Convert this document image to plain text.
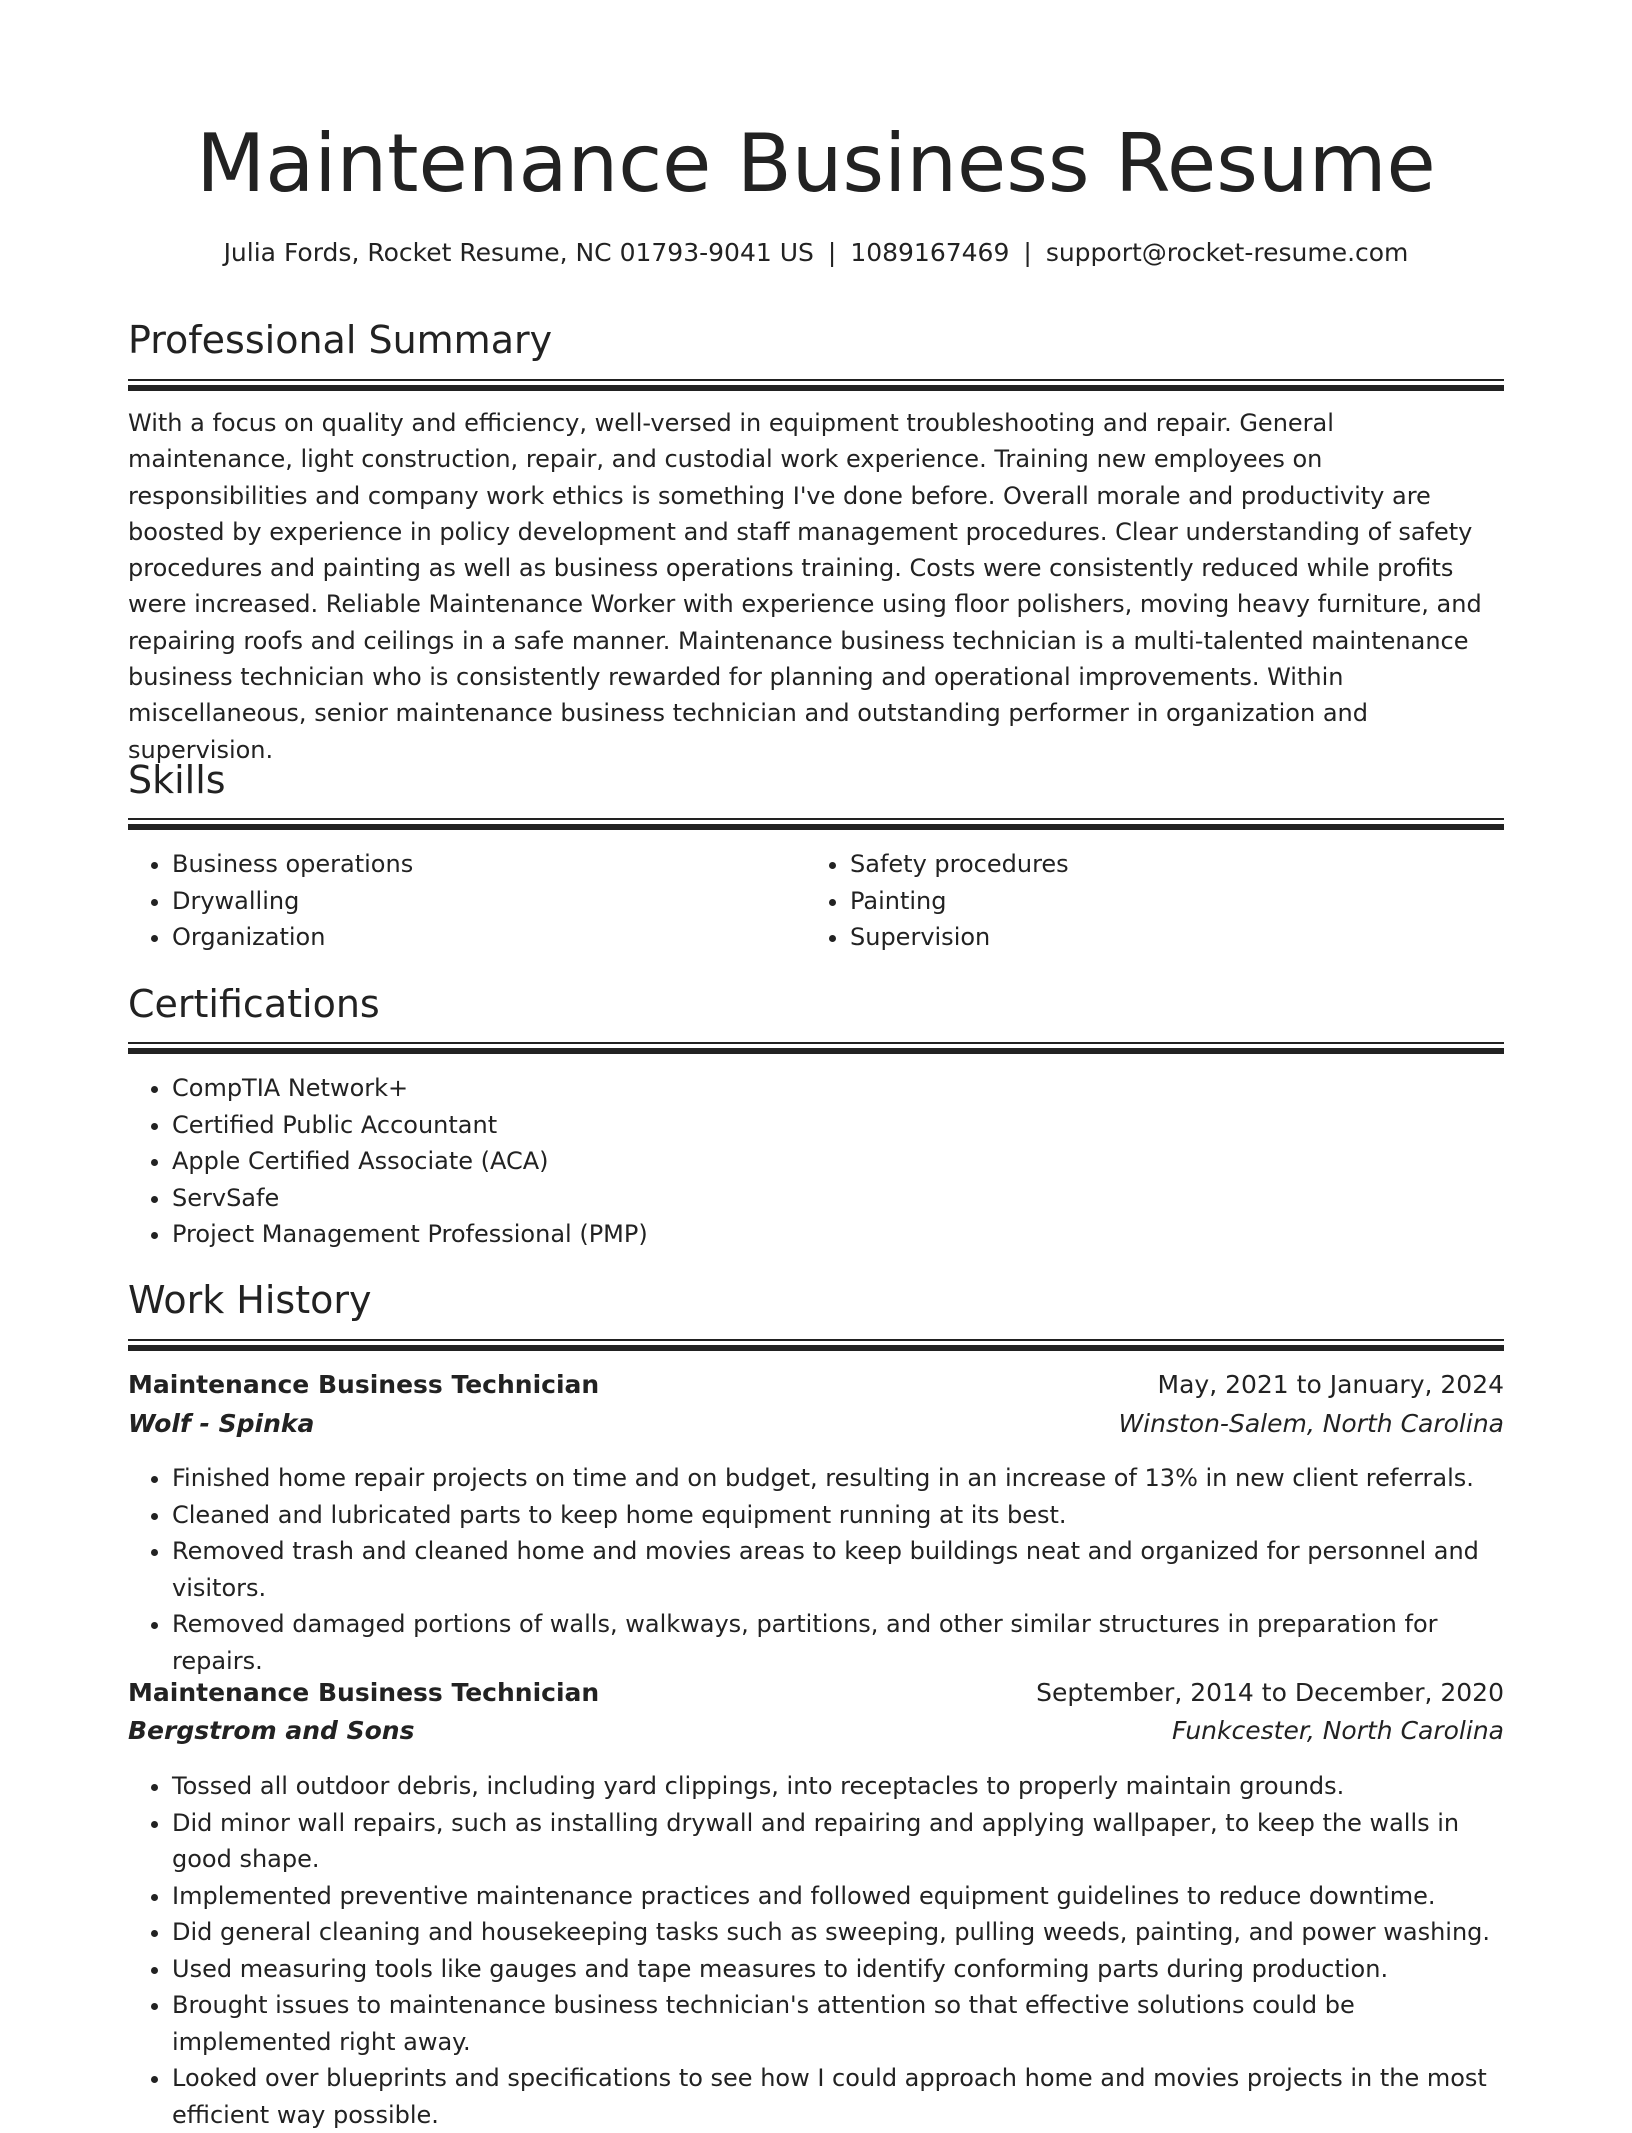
Maintenance Business Resume
Julia Fords, Rocket Resume, NC 01793-9041 US | 1089167469 | support@rocket-resume.com
Professional Summary

With a focus on quality and efficiency, well-versed in equipment troubleshooting and repair. General maintenance, light construction, repair, and custodial work experience. Training new employees on responsibilities and company work ethics is something I've done before. Overall morale and productivity are boosted by experience in policy development and staff management procedures. Clear understanding of safety procedures and painting as well as business operations training. Costs were consistently reduced while profits were increased. Reliable Maintenance Worker with experience using floor polishers, moving heavy furniture, and repairing roofs and ceilings in a safe manner. Maintenance business technician is a multi-talented maintenance business technician who is consistently rewarded for planning and operational improvements. Within miscellaneous, senior maintenance business technician and outstanding performer in organization and supervision.

Skills
• Business operations
• Drywalling
• Organization
• Safety procedures
• Painting
• Supervision
Certifications
• CompTIA Network+
• Certified Public Accountant
• Apple Certified Associate (ACA)
• ServSafe
• Project Management Professional (PMP)
Work History
Maintenance Business Technician	May, 2021 to January, 2024
Wolf - Spinka	Winston-Salem, North Carolina
• Finished home repair projects on time and on budget, resulting in an increase of 13% in new client referrals.
• Cleaned and lubricated parts to keep home equipment running at its best.
• Removed trash and cleaned home and movies areas to keep buildings neat and organized for personnel and visitors.
• Removed damaged portions of walls, walkways, partitions, and other similar structures in preparation for repairs.
Maintenance Business Technician	September, 2014 to December, 2020
Bergstrom and Sons	Funkcester, North Carolina
• Tossed all outdoor debris, including yard clippings, into receptacles to properly maintain grounds.
• Did minor wall repairs, such as installing drywall and repairing and applying wallpaper, to keep the walls in good shape.
• Implemented preventive maintenance practices and followed equipment guidelines to reduce downtime.
• Did general cleaning and housekeeping tasks such as sweeping, pulling weeds, painting, and power washing.
• Used measuring tools like gauges and tape measures to identify conforming parts during production.
• Brought issues to maintenance business technician's attention so that effective solutions could be implemented right away.
• Looked over blueprints and specifications to see how I could approach home and movies projects in the most efficient way possible.
